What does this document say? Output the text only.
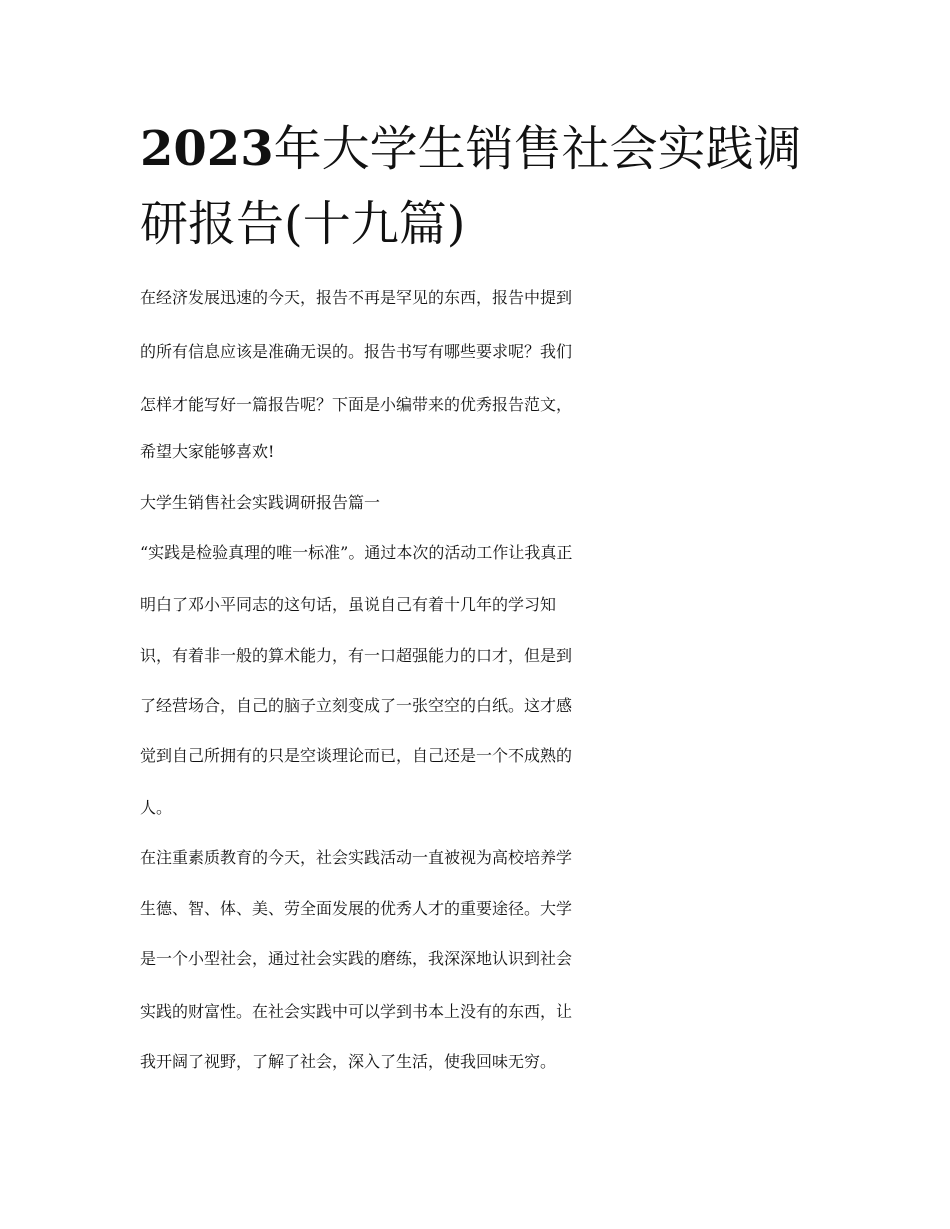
2023年大学生销售社会实践调研报告(十九篇)

在经济发展迅速的今天，报告不再是罕见的东西，报告中提到

的所有信息应该是准确无误的。报告书写有哪些要求呢？我们

怎样才能写好一篇报告呢？下面是小编带来的优秀报告范文，

希望大家能够喜欢!

大学生销售社会实践调研报告篇一

“实践是检验真理的唯一标准”。通过本次的活动工作让我真正

明白了邓小平同志的这句话，虽说自己有着十几年的学习知

识，有着非一般的算术能力，有一口超强能力的口才，但是到

了经营场合，自己的脑子立刻变成了一张空空的白纸。这才感

觉到自己所拥有的只是空谈理论而已，自己还是一个不成熟的

人。

在注重素质教育的今天，社会实践活动一直被视为高校培养学

生德、智、体、美、劳全面发展的优秀人才的重要途径。大学

是一个小型社会，通过社会实践的磨练，我深深地认识到社会

实践的财富性。在社会实践中可以学到书本上没有的东西，让

我开阔了视野，了解了社会，深入了生活，使我回味无穷。
